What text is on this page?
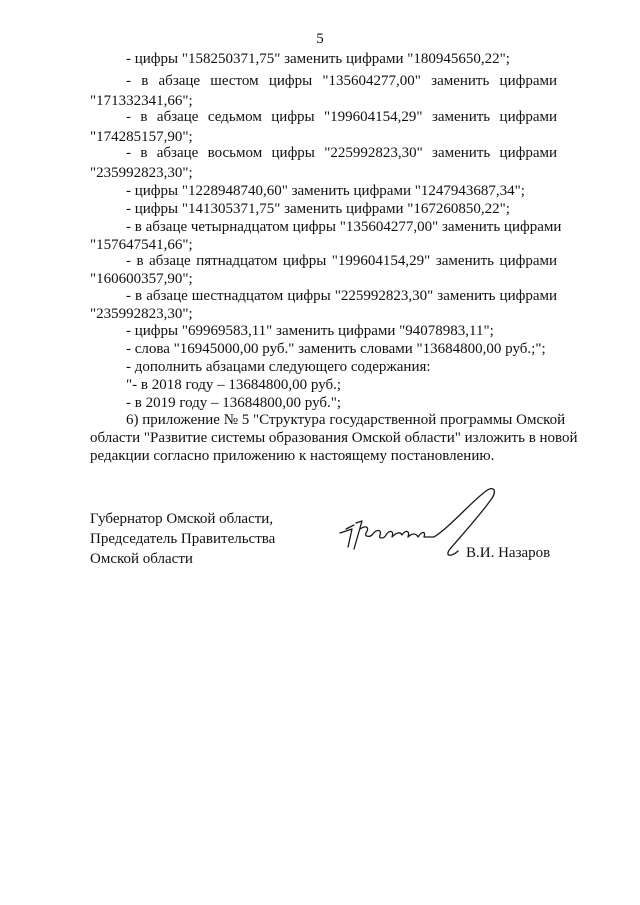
5
- цифры "158250371,75" заменить цифрами "180945650,22";
- в абзаце шестом цифры "135604277,00" заменить цифрами
"171332341,66";
- в абзаце седьмом цифры "199604154,29" заменить цифрами
"174285157,90";
- в абзаце восьмом цифры "225992823,30" заменить цифрами
"235992823,30";
- цифры "1228948740,60" заменить цифрами "1247943687,34";
- цифры "141305371,75" заменить цифрами "167260850,22";
- в абзаце четырнадцатом цифры "135604277,00" заменить цифрами
"157647541,66";
- в абзаце пятнадцатом цифры "199604154,29" заменить цифрами
"160600357,90";
- в абзаце шестнадцатом цифры "225992823,30" заменить цифрами
"235992823,30";
- цифры "69969583,11" заменить цифрами "94078983,11";
- слова "16945000,00 руб." заменить словами "13684800,00 руб.;";
- дополнить абзацами следующего содержания:
"- в 2018 году – 13684800,00 руб.;
- в 2019 году – 13684800,00 руб.";
6) приложение № 5 "Структура государственной программы Омской
области "Развитие системы образования Омской области" изложить в новой
редакции согласно приложению к настоящему постановлению.
Губернатор Омской области,
Председатель Правительства
Омской области	В.И. Назаров
